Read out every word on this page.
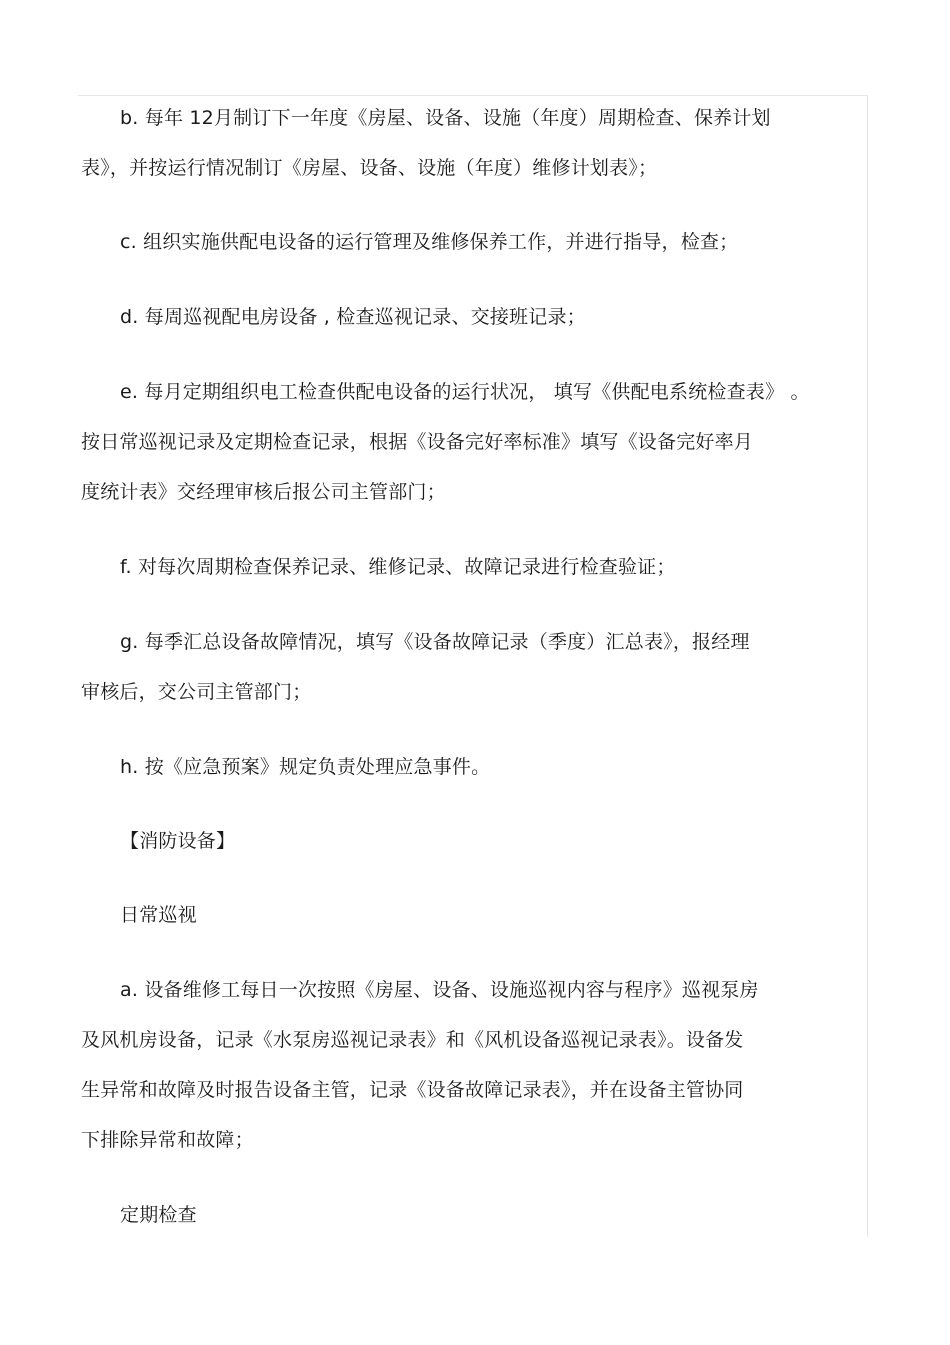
b. 每年 12月制订下一年度《房屋、设备、设施（年度）周期检查、保养计划
表》，并按运行情况制订《房屋、设备、设施（年度）维修计划表》；
c. 组织实施供配电设备的运行管理及维修保养工作，并进行指导，检查；
d. 每周巡视配电房设备 , 检查巡视记录、交接班记录；
e. 每月定期组织电工检查供配电设备的运行状况， 填写《供配电系统检查表》 。
按日常巡视记录及定期检查记录，根据《设备完好率标准》填写《设备完好率月
度统计表》交经理审核后报公司主管部门；
f. 对每次周期检查保养记录、维修记录、故障记录进行检查验证；
g. 每季汇总设备故障情况，填写《设备故障记录（季度）汇总表》，报经理
审核后，交公司主管部门；
h. 按《应急预案》规定负责处理应急事件。
【消防设备】
日常巡视
a. 设备维修工每日一次按照《房屋、设备、设施巡视内容与程序》巡视泵房
及风机房设备，记录《水泵房巡视记录表》和《风机设备巡视记录表》。设备发
生异常和故障及时报告设备主管，记录《设备故障记录表》，并在设备主管协同
下排除异常和故障；
定期检查
